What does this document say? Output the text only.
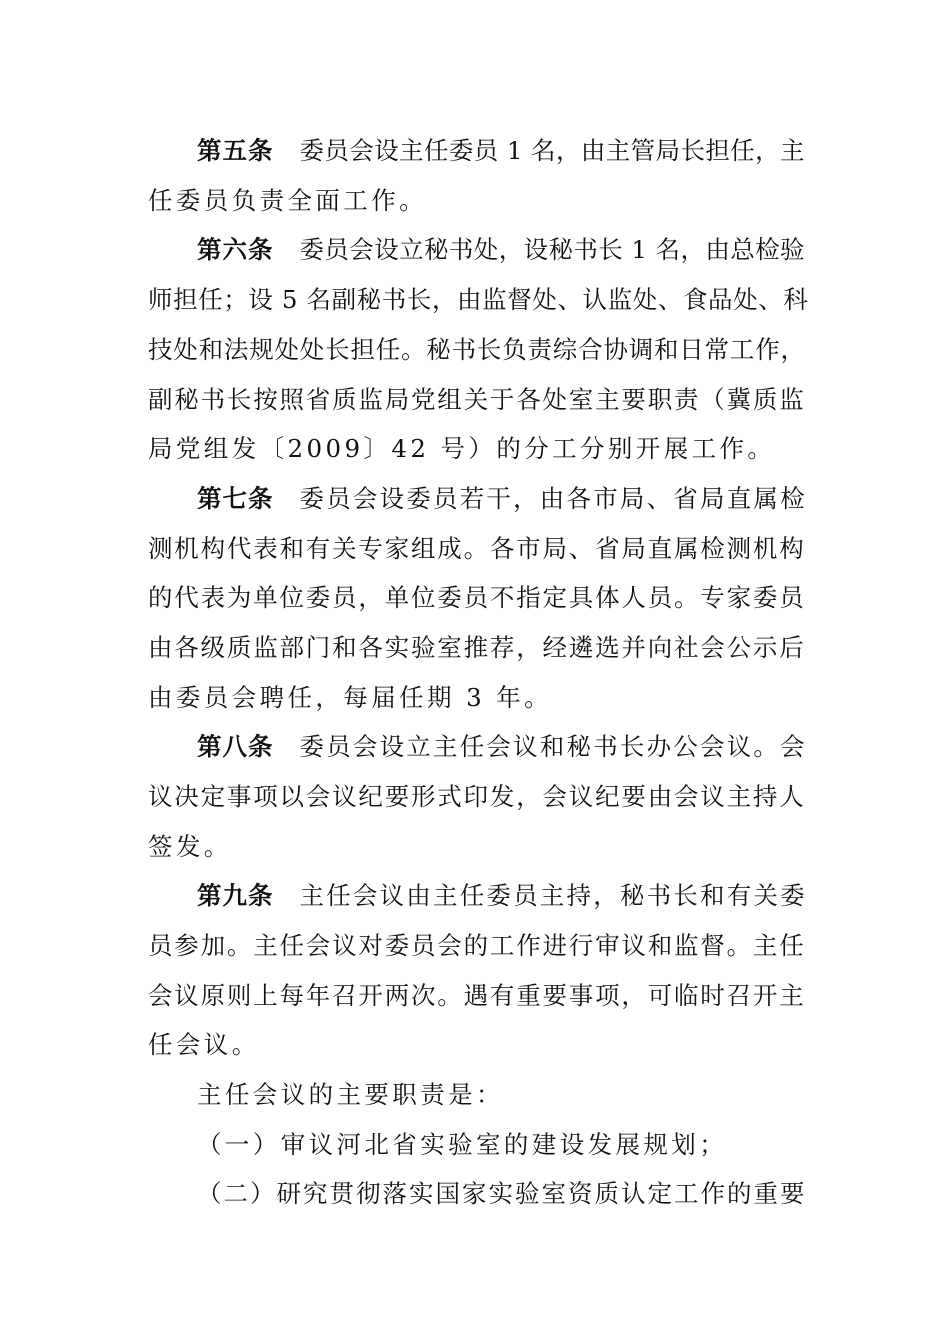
第五条 委员会设主任委员 1 名，由主管局长担任，主
任委员负责全面工作。
第六条 委员会设立秘书处，设秘书长 1 名，由总检验
师担任；设 5 名副秘书长，由监督处、认监处、食品处、科
技处和法规处处长担任。秘书长负责综合协调和日常工作，
副秘书长按照省质监局党组关于各处室主要职责（冀质监
局党组发〔2009〕42 号）的分工分别开展工作。
第七条 委员会设委员若干，由各市局、省局直属检
测机构代表和有关专家组成。各市局、省局直属检测机构
的代表为单位委员，单位委员不指定具体人员。专家委员
由各级质监部门和各实验室推荐，经遴选并向社会公示后
由委员会聘任，每届任期 3 年。
第八条 委员会设立主任会议和秘书长办公会议。会
议决定事项以会议纪要形式印发，会议纪要由会议主持人
签发。
第九条 主任会议由主任委员主持，秘书长和有关委
员参加。主任会议对委员会的工作进行审议和监督。主任
会议原则上每年召开两次。遇有重要事项，可临时召开主
任会议。
主任会议的主要职责是：
（一）审议河北省实验室的建设发展规划；
（二）研究贯彻落实国家实验室资质认定工作的重要
